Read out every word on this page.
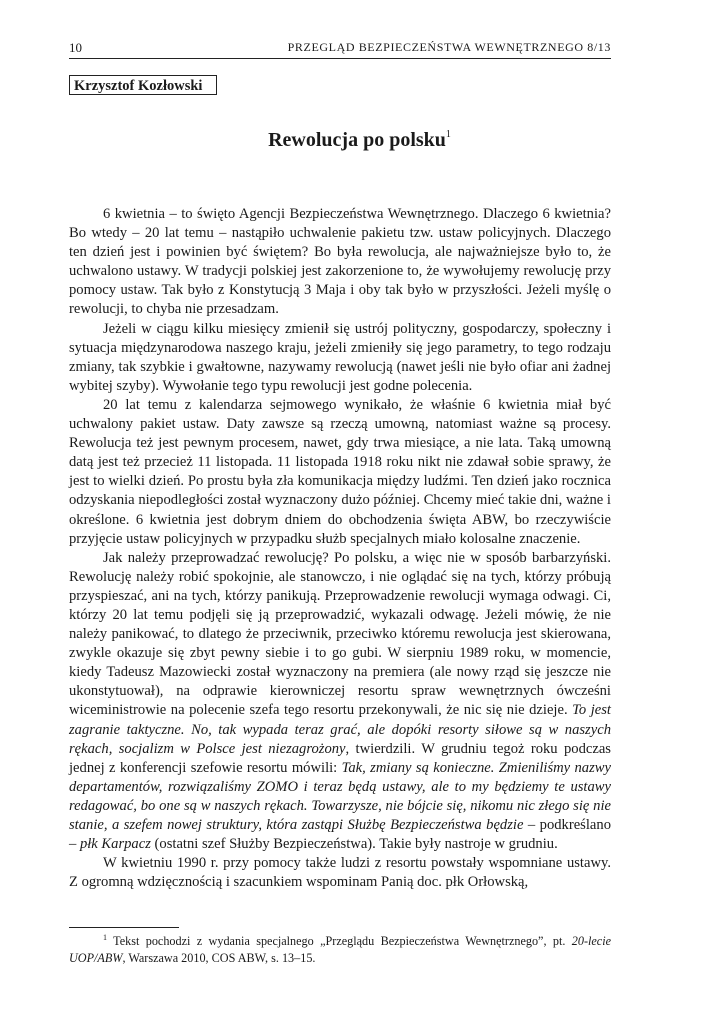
10	PRZEGLĄD BEZPIECZEŃSTWA WEWNĘTRZNEGO 8/13
Krzysztof Kozłowski
Rewolucja po polsku$^1$

6 kwietnia – to święto Agencji Bezpieczeństwa Wewnętrznego. Dlaczego 6 kwietnia? Bo wtedy – 20 lat temu – nastąpiło uchwalenie pakietu tzw. ustaw policyjnych. Dlaczego ten dzień jest i powinien być świętem? Bo była rewolucja, ale najważniejsze było to, że uchwalono ustawy. W tradycji polskiej jest zakorzenione to, że wywołujemy rewolucję przy pomocy ustaw. Tak było z Konstytucją 3 Maja i oby tak było w przyszłości. Jeżeli myślę o rewolucji, to chyba nie przesadzam.

Jeżeli w ciągu kilku miesięcy zmienił się ustrój polityczny, gospodarczy, społeczny i sytuacja międzynarodowa naszego kraju, jeżeli zmieniły się jego parametry, to tego rodzaju zmiany, tak szybkie i gwałtowne, nazywamy rewolucją (nawet jeśli nie było ofiar ani żadnej wybitej szyby). Wywołanie tego typu rewolucji jest godne polecenia.

20 lat temu z kalendarza sejmowego wynikało, że właśnie 6 kwietnia miał być uchwalony pakiet ustaw. Daty zawsze są rzeczą umowną, natomiast ważne są procesy. Rewolucja też jest pewnym procesem, nawet, gdy trwa miesiące, a nie lata. Taką umowną datą jest też przecież 11 listopada. 11 listopada 1918 roku nikt nie zdawał sobie sprawy, że jest to wielki dzień. Po prostu była zła komunikacja między ludźmi. Ten dzień jako rocznica odzyskania niepodległości został wyznaczony dużo później. Chcemy mieć takie dni, ważne i określone. 6 kwietnia jest dobrym dniem do obchodzenia święta ABW, bo rzeczywiście przyjęcie ustaw policyjnych w przypadku służb specjalnych miało kolosalne znaczenie.

Jak należy przeprowadzać rewolucję? Po polsku, a więc nie w sposób barbarzyński. Rewolucję należy robić spokojnie, ale stanowczo, i nie oglądać się na tych, którzy próbują przyspieszać, ani na tych, którzy panikują. Przeprowadzenie rewolucji wymaga odwagi. Ci, którzy 20 lat temu podjęli się ją przeprowadzić, wykazali odwagę. Jeżeli mówię, że nie należy panikować, to dlatego że przeciwnik, przeciwko któremu rewolucja jest skierowana, zwykle okazuje się zbyt pewny siebie i to go gubi. W sierpniu 1989 roku, w momencie, kiedy Tadeusz Mazowiecki został wyznaczony na premiera (ale nowy rząd się jeszcze nie ukonstytuował), na odprawie kierowniczej resortu spraw wewnętrznych ówcześni wiceministrowie na polecenie szefa tego resortu przekonywali, że nic się nie dzieje. To jest zagranie taktyczne. No, tak wypada teraz grać, ale dopóki resorty siłowe są w naszych rękach, socjalizm w Polsce jest niezagrożony, twierdzili. W grudniu tegoż roku podczas jednej z konferencji szefowie resortu mówili: Tak, zmiany są konieczne. Zmieniliśmy nazwy departamentów, rozwiązaliśmy ZOMO i teraz będą ustawy, ale to my będziemy te ustawy redagować, bo one są w naszych rękach. Towarzysze, nie bójcie się, nikomu nic złego się nie stanie, a szefem nowej struktury, która zastąpi Służbę Bezpieczeństwa będzie – podkreślano – płk Karpacz (ostatni szef Służby Bezpieczeństwa). Takie były nastroje w grudniu.

W kwietniu 1990 r. przy pomocy także ludzi z resortu powstały wspomniane ustawy. Z ogromną wdzięcznością i szacunkiem wspominam Panią doc. płk Orłowską,

$^1$ Tekst pochodzi z wydania specjalnego „Przeglądu Bezpieczeństwa Wewnętrznego”, pt. 20-lecie UOP/ABW, Warszawa 2010, COS ABW, s. 13–15.
